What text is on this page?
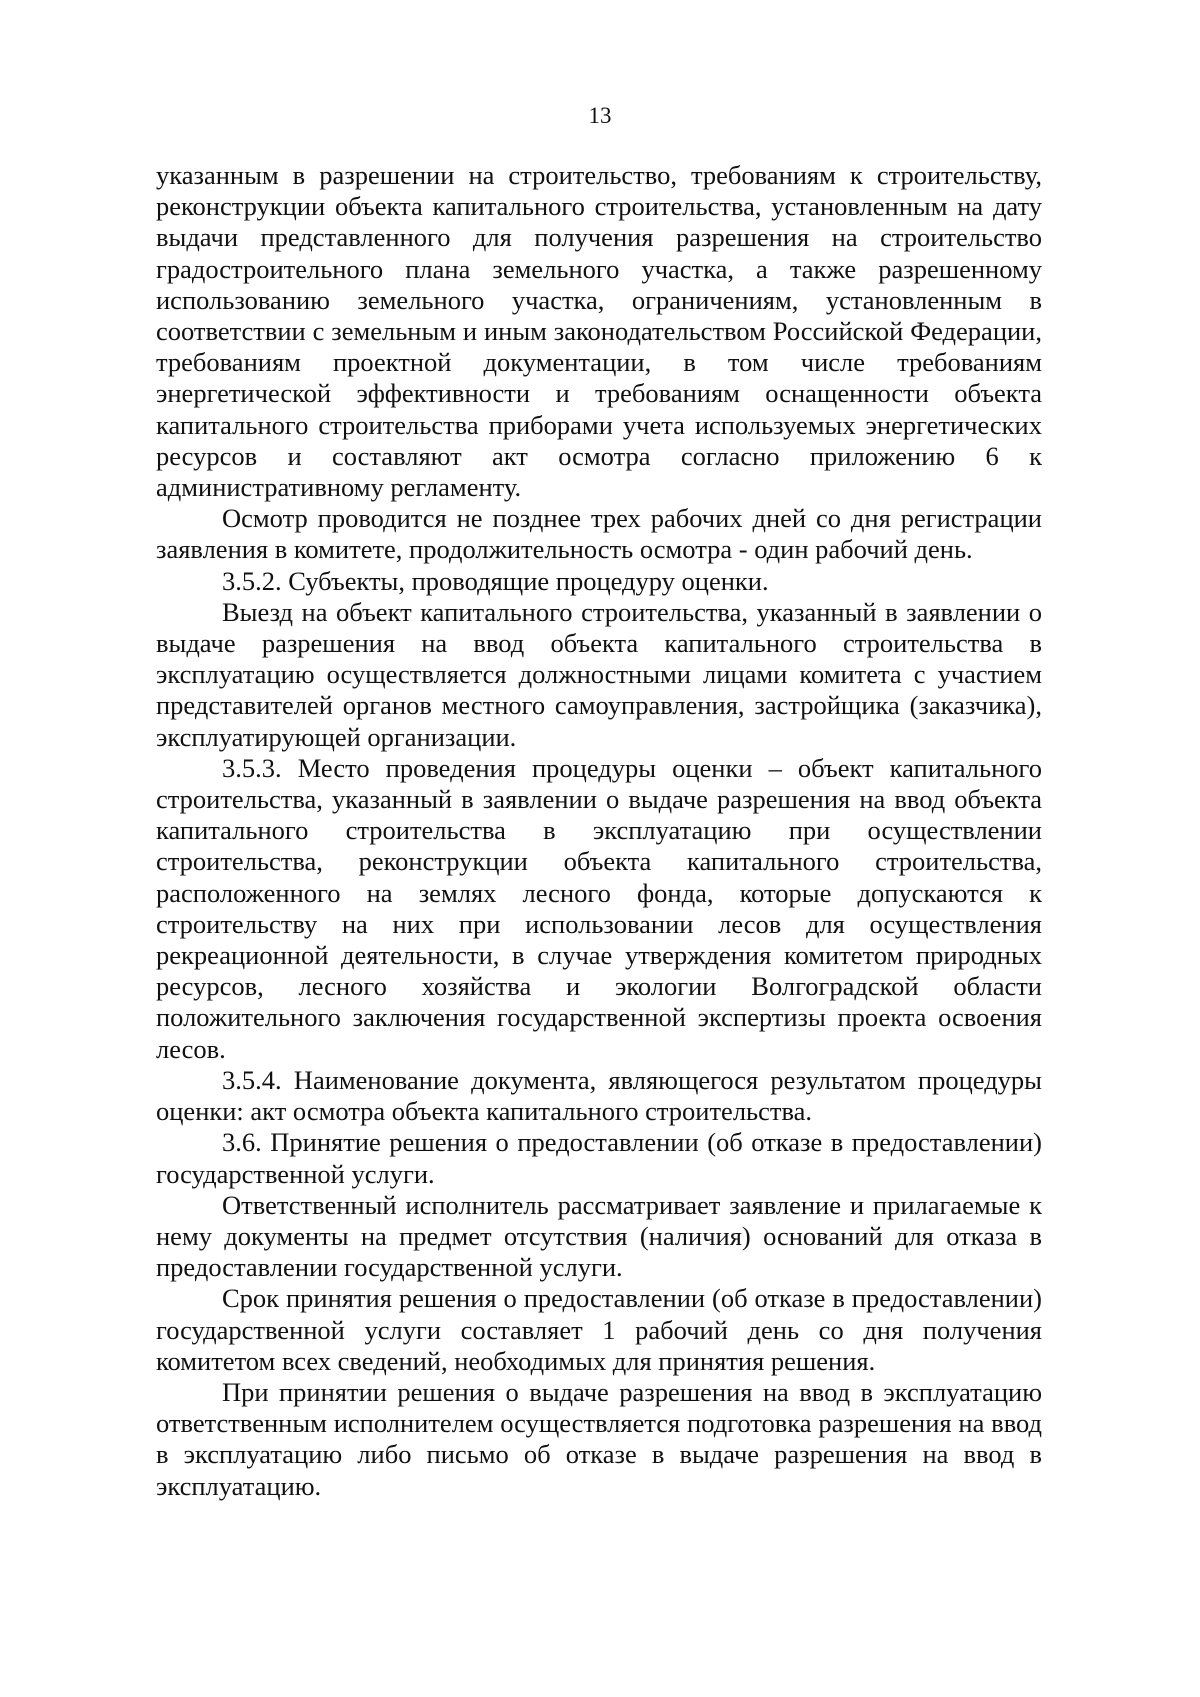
13

указанным в разрешении на строительство, требованиям к строительству, реконструкции объекта капитального строительства, установленным на дату выдачи представленного для получения разрешения на строительство градостроительного плана земельного участка, а также разрешенному использованию земельного участка, ограничениям, установленным в соответствии с земельным и иным законодательством Российской Федерации, требованиям проектной документации, в том числе требованиям энергетической эффективности и требованиям оснащенности объекта капитального строительства приборами учета используемых энергетических ресурсов и составляют акт осмотра согласно приложению 6 к административному регламенту.

Осмотр проводится не позднее трех рабочих дней со дня регистрации заявления в комитете, продолжительность осмотра - один рабочий день.

3.5.2. Субъекты, проводящие процедуру оценки.

Выезд на объект капитального строительства, указанный в заявлении о выдаче разрешения на ввод объекта капитального строительства в эксплуатацию осуществляется должностными лицами комитета с участием представителей органов местного самоуправления, застройщика (заказчика), эксплуатирующей организации.

3.5.3. Место проведения процедуры оценки – объект капитального строительства, указанный в заявлении о выдаче разрешения на ввод объекта капитального строительства в эксплуатацию при осуществлении строительства, реконструкции объекта капитального строительства, расположенного на землях лесного фонда, которые допускаются к строительству на них при использовании лесов для осуществления рекреационной деятельности, в случае утверждения комитетом природных ресурсов, лесного хозяйства и экологии Волгоградской области положительного заключения государственной экспертизы проекта освоения лесов.

3.5.4. Наименование документа, являющегося результатом процедуры оценки: акт осмотра объекта капитального строительства.

3.6. Принятие решения о предоставлении (об отказе в предоставлении) государственной услуги.

Ответственный исполнитель рассматривает заявление и прилагаемые к нему документы на предмет отсутствия (наличия) оснований для отказа в предоставлении государственной услуги.

Срок принятия решения о предоставлении (об отказе в предоставлении) государственной услуги составляет 1 рабочий день со дня получения комитетом всех сведений, необходимых для принятия решения.

При принятии решения о выдаче разрешения на ввод в эксплуатацию ответственным исполнителем осуществляется подготовка разрешения на ввод в эксплуатацию либо письмо об отказе в выдаче разрешения на ввод в эксплуатацию.
